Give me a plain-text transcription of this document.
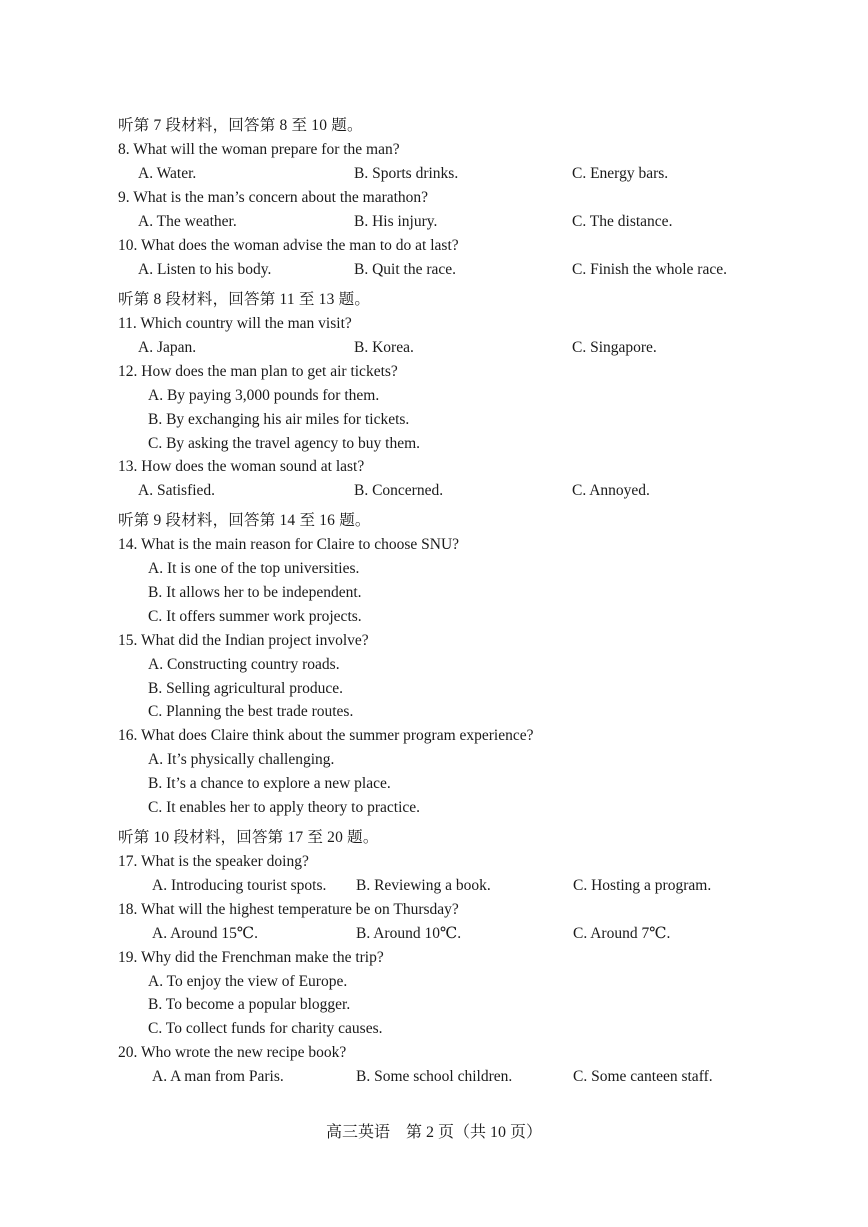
听第 7 段材料，回答第 8 至 10 题。
8. What will the woman prepare for the man?
A. Water.	B. Sports drinks.	C. Energy bars.
9. What is the man’s concern about the marathon?
A. The weather.	B. His injury.	C. The distance.
10. What does the woman advise the man to do at last?
A. Listen to his body.	B. Quit the race.	C. Finish the whole race.
听第 8 段材料，回答第 11 至 13 题。
11. Which country will the man visit?
A. Japan.	B. Korea.	C. Singapore.
12. How does the man plan to get air tickets?
A. By paying 3,000 pounds for them.
B. By exchanging his air miles for tickets.
C. By asking the travel agency to buy them.
13. How does the woman sound at last?
A. Satisfied.	B. Concerned.	C. Annoyed.
听第 9 段材料，回答第 14 至 16 题。
14. What is the main reason for Claire to choose SNU?
A. It is one of the top universities.
B. It allows her to be independent.
C. It offers summer work projects.
15. What did the Indian project involve?
A. Constructing country roads.
B. Selling agricultural produce.
C. Planning the best trade routes.
16. What does Claire think about the summer program experience?
A. It’s physically challenging.
B. It’s a chance to explore a new place.
C. It enables her to apply theory to practice.
听第 10 段材料，回答第 17 至 20 题。
17. What is the speaker doing?
A. Introducing tourist spots. B. Reviewing a book.	C. Hosting a program.
18. What will the highest temperature be on Thursday?
A. Around 15℃.	B. Around 10℃.	C. Around 7℃.
19. Why did the Frenchman make the trip?
A. To enjoy the view of Europe.
B. To become a popular blogger.
C. To collect funds for charity causes.
20. Who wrote the new recipe book?
A. A man from Paris.	B. Some school children.	C. Some canteen staff.
高三英语　第 2 页（共 10 页）
